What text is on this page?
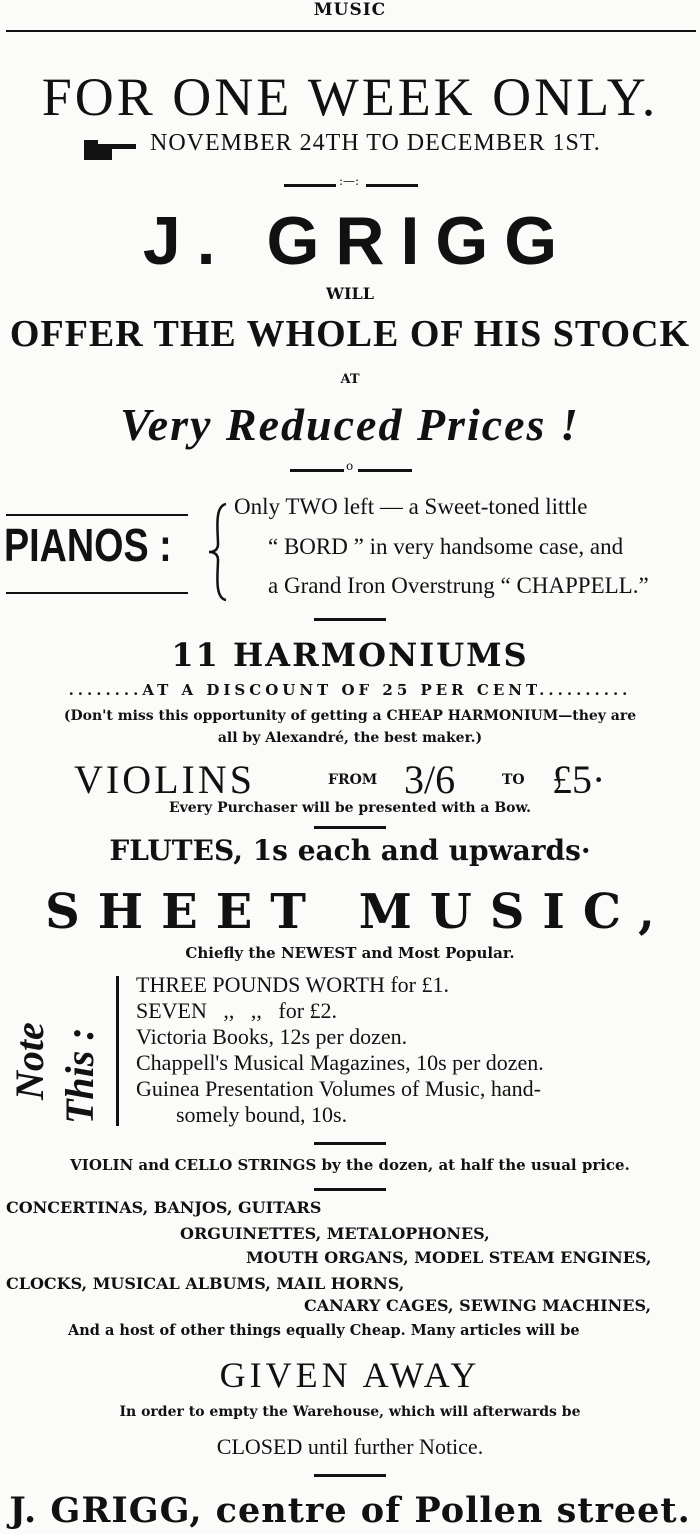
MUSIC
FOR ONE WEEK ONLY.
NOVEMBER 24TH TO DECEMBER 1ST.
:—:
J. GRIGG
WILL
OFFER THE WHOLE OF HIS STOCK
AT
Very Reduced Prices !
o
PIANOS :
Only TWO left — a Sweet-toned little
“ BORD ” in very handsome case, and
a Grand Iron Overstrung “ CHAPPELL.”
11 HARMONIUMS
........AT A DISCOUNT OF 25 PER CENT..........
(Don't miss this opportunity of getting a CHEAP HARMONIUM—they are
all by Alexandré, the best maker.)
VIOLINS	FROM 3/6	TO £5·
Every Purchaser will be presented with a Bow.
FLUTES, 1s each and upwards·
SHEET MUSIC,
Chiefly the NEWEST and Most Popular.
Note This :
THREE POUNDS WORTH for £1.
SEVEN   ,,   ,,   for £2.
Victoria Books, 12s per dozen.
Chappell's Musical Magazines, 10s per dozen.
Guinea Presentation Volumes of Music, hand-
somely bound, 10s.
VIOLIN and CELLO STRINGS by the dozen, at half the usual price.
CONCERTINAS, BANJOS, GUITARS
ORGUINETTES, METALOPHONES,
MOUTH ORGANS, MODEL STEAM ENGINES,
CLOCKS, MUSICAL ALBUMS, MAIL HORNS,
CANARY CAGES, SEWING MACHINES,
And a host of other things equally Cheap. Many articles will be
GIVEN AWAY
In order to empty the Warehouse, which will afterwards be
CLOSED until further Notice.
J. GRIGG, centre of Pollen street.
